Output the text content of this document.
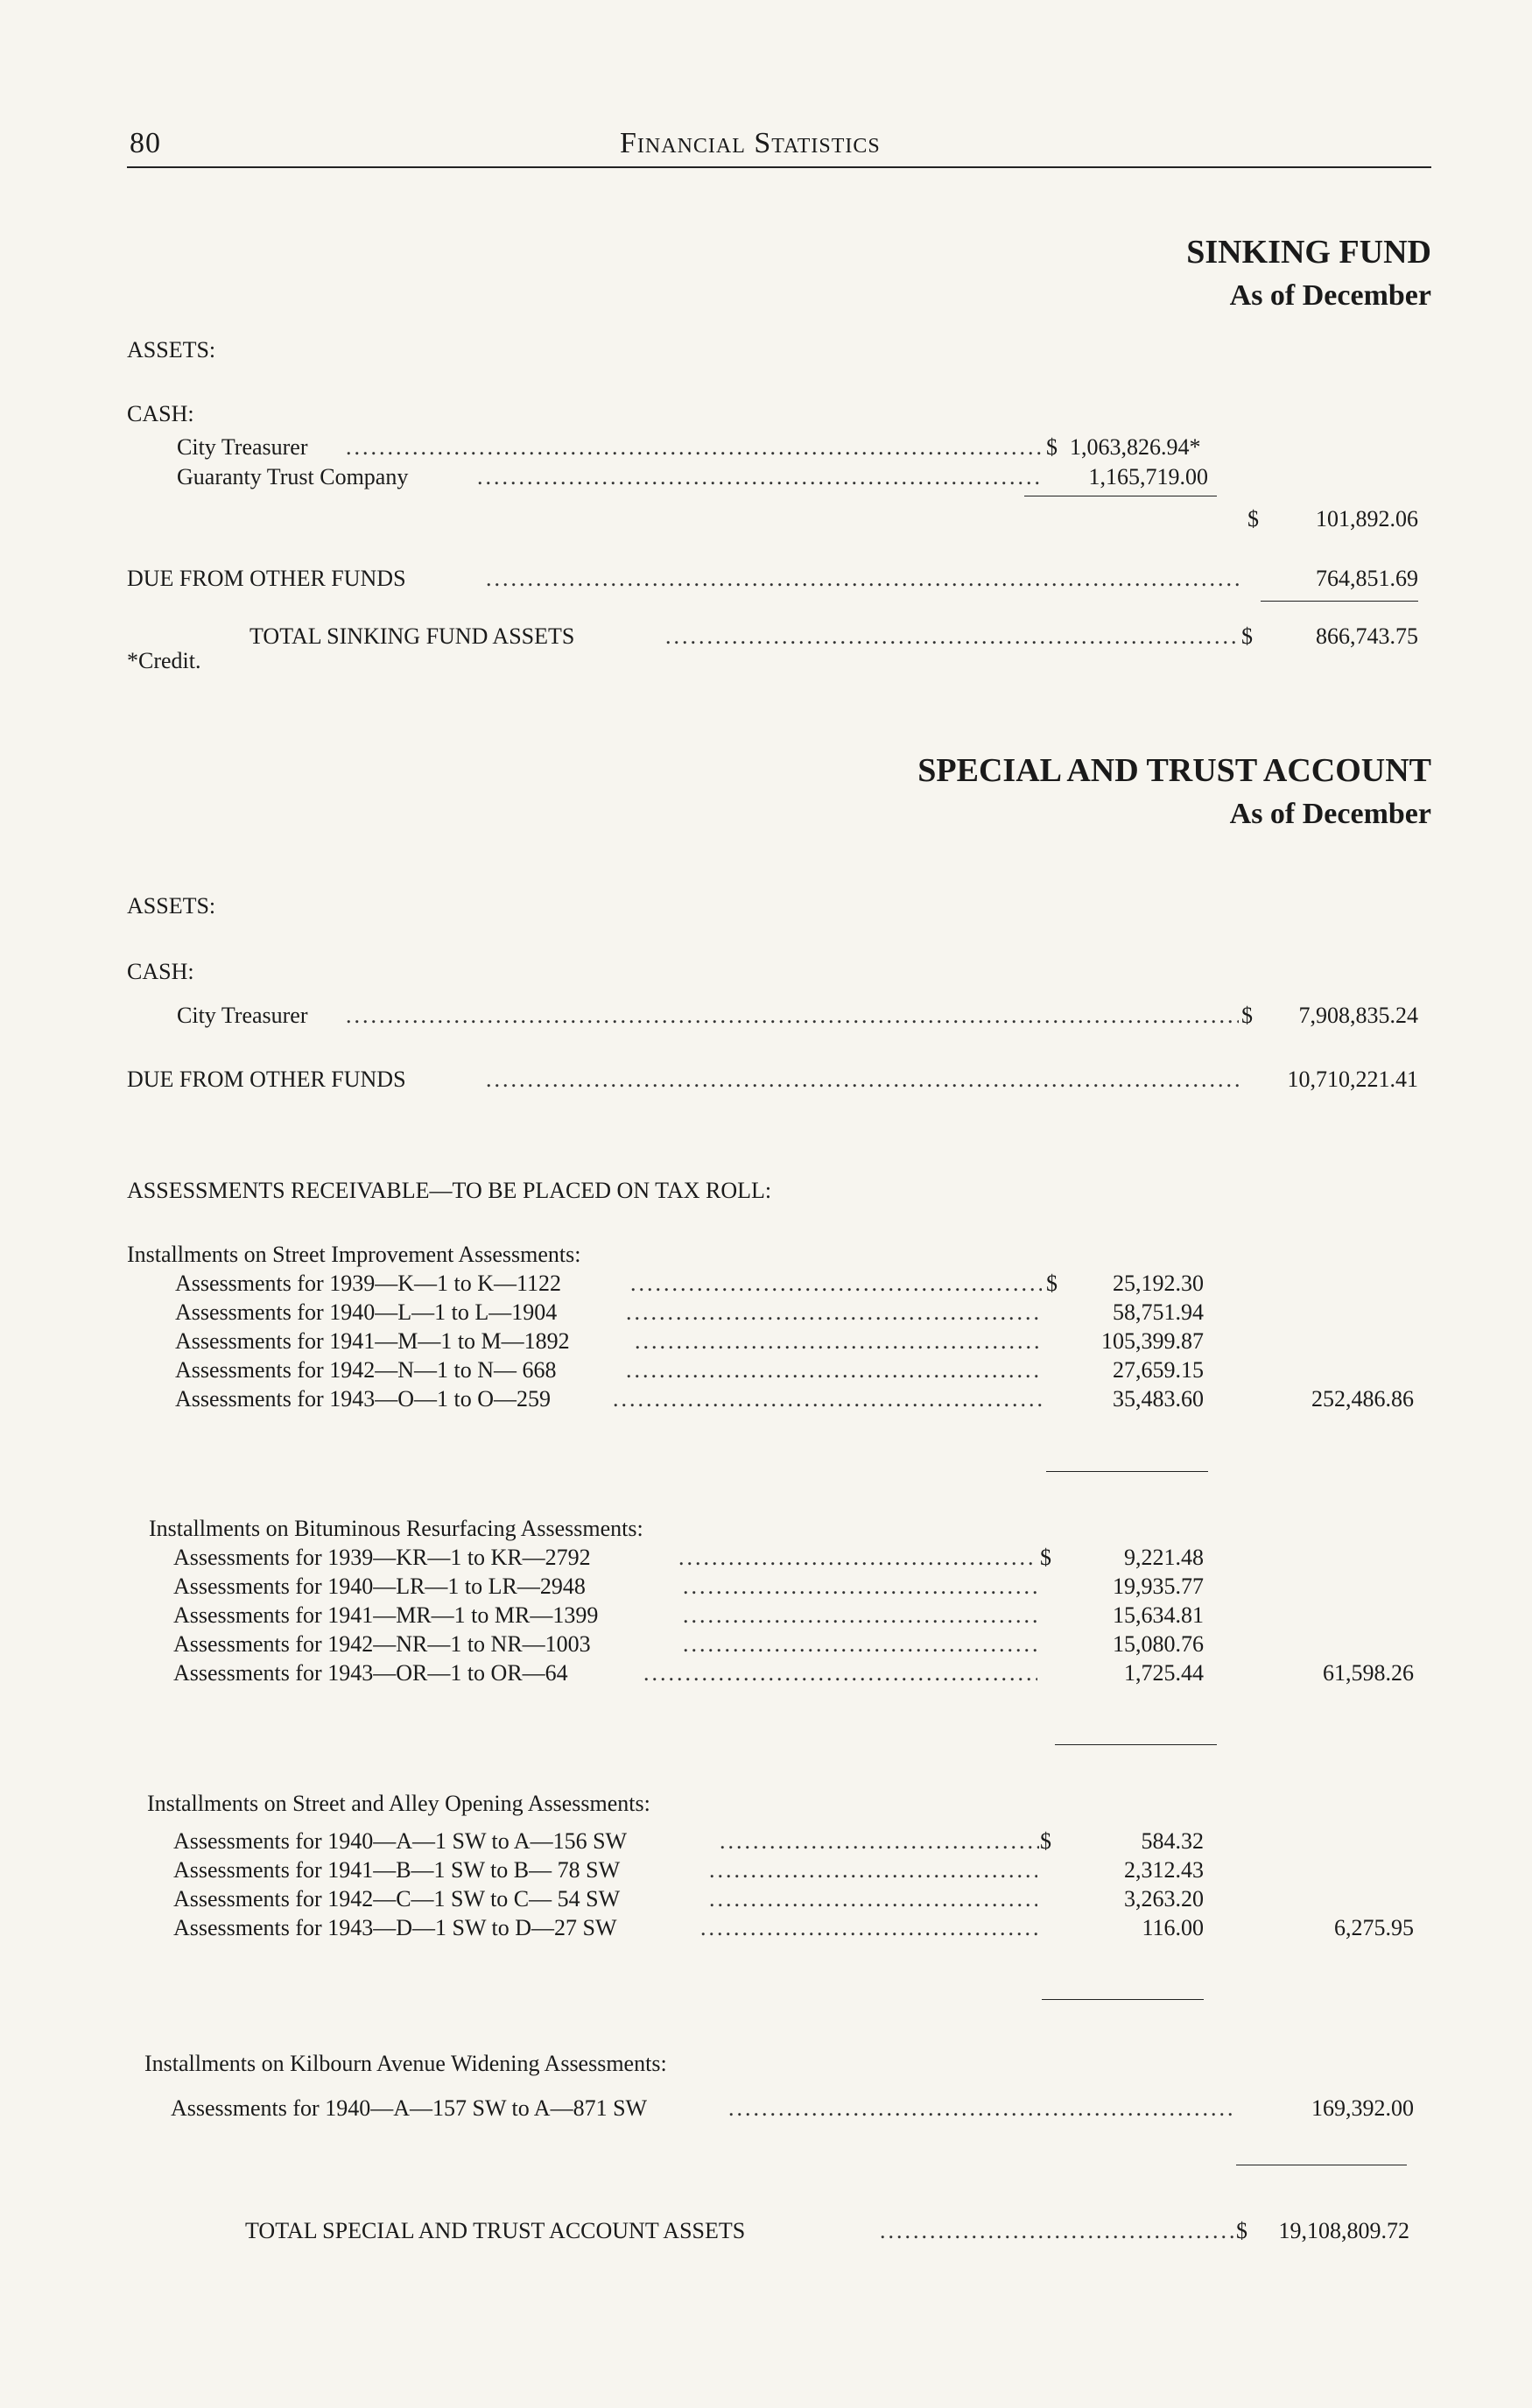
80	Financial Statistics
SINKING FUND
As of December
ASSETS:
CASH:
City Treasurer .....	$ 1,063,826.94*
Guaranty Trust Company .....	1,165,719.00
$	101,892.06
DUE FROM OTHER FUNDS .....	764,851.69
TOTAL SINKING FUND ASSETS .....	$	866,743.75
*Credit.
SPECIAL AND TRUST ACCOUNT
As of December
ASSETS:
CASH:
City Treasurer .....	$ 7,908,835.24
DUE FROM OTHER FUNDS .....	10,710,221.41
ASSESSMENTS RECEIVABLE—TO BE PLACED ON TAX ROLL:
Installments on Street Improvement Assessments:
Assessments for 1939—K—1 to K—1122 .....	$ 25,192.30
Assessments for 1940—L—1 to L—1904 .....	58,751.94
Assessments for 1941—M—1 to M—1892 .....	105,399.87
Assessments for 1942—N—1 to N— 668 .....	27,659.15
Assessments for 1943—O—1 to O—259 .....	35,483.60	252,486.86
Installments on Bituminous Resurfacing Assessments:
Assessments for 1939—KR—1 to KR—2792 .....	$	9,221.48
Assessments for 1940—LR—1 to LR—2948 .....	19,935.77
Assessments for 1941—MR—1 to MR—1399 .....	15,634.81
Assessments for 1942—NR—1 to NR—1003 .....	15,080.76
Assessments for 1943—OR—1 to OR—64 .....	1,725.44	61,598.26
Installments on Street and Alley Opening Assessments:
Assessments for 1940—A—1 SW to A—156 SW .....	$	584.32
Assessments for 1941—B—1 SW to B— 78 SW .....	2,312.43
Assessments for 1942—C—1 SW to C— 54 SW .....	3,263.20
Assessments for 1943—D—1 SW to D—27 SW .....	116.00	6,275.95
Installments on Kilbourn Avenue Widening Assessments:
Assessments for 1940—A—157 SW to A—871 SW .....	169,392.00
TOTAL SPECIAL AND TRUST ACCOUNT ASSETS .....	$ 19,108,809.72
